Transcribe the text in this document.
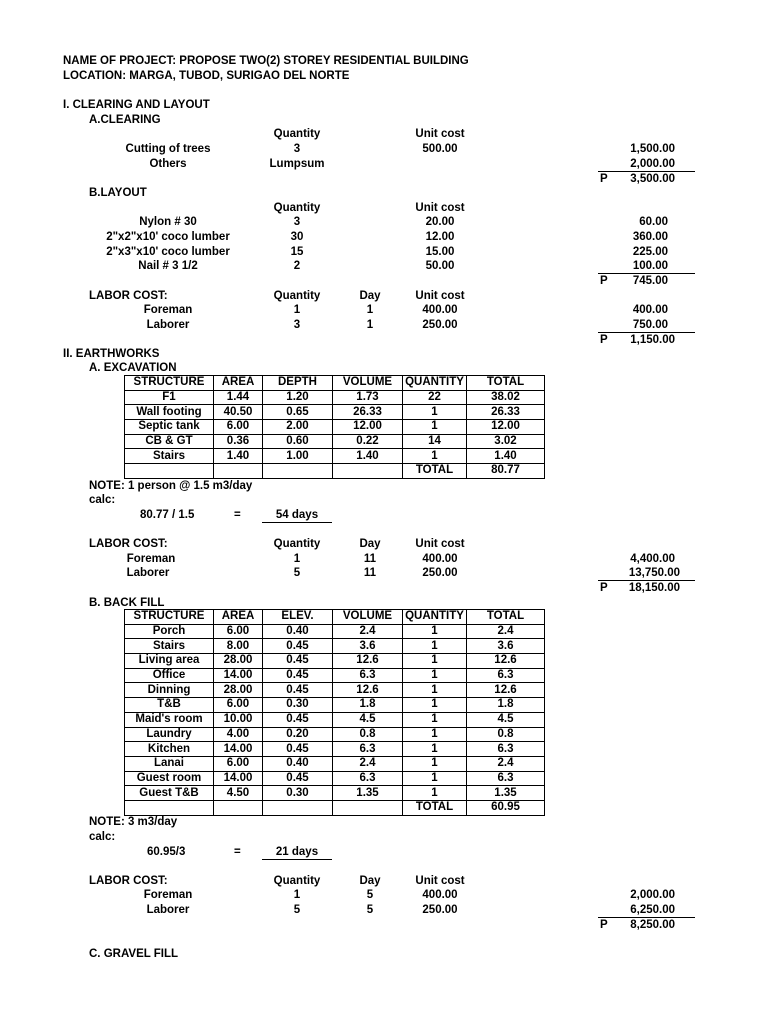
NAME OF PROJECT: PROPOSE TWO(2) STOREY RESIDENTIAL BUILDING
LOCATION: MARGA, TUBOD, SURIGAO DEL NORTE
I. CLEARING AND LAYOUT
A.CLEARING
Quantity	Unit cost
Cutting of trees	3	500.00	1,500.00
Others	Lumpsum	2,000.00
P 3,500.00
B.LAYOUT
Quantity	Unit cost
Nylon # 30	3	20.00	60.00
2"x2"x10' coco lumber	30	12.00	360.00
2"x3"x10' coco lumber	15	15.00	225.00
Nail # 3 1/2	2	50.00	100.00
P 745.00
LABOR COST:	Quantity	Day	Unit cost
Foreman	1	1	400.00	400.00
Laborer	3	1	250.00	750.00
P 1,150.00
II. EARTHWORKS
A. EXCAVATION
STRUCTURE	AREA	DEPTH	VOLUME	QUANTITY	TOTAL
F1	1.44	1.20	1.73	22	38.02
Wall footing	40.50	0.65	26.33	1	26.33
Septic tank	6.00	2.00	12.00	1	12.00
CB & GT	0.36	0.60	0.22	14	3.02
Stairs	1.40	1.00	1.40	1	1.40
				TOTAL	80.77
NOTE: 1 person @ 1.5 m3/day
calc:
80.77 / 1.5	=	54 days
LABOR COST:	Quantity	Day	Unit cost
Foreman	1	11	400.00	4,400.00
Laborer	5	11	250.00	13,750.00
P 18,150.00
B. BACK FILL
STRUCTURE	AREA	ELEV.	VOLUME	QUANTITY	TOTAL
Porch	6.00	0.40	2.4	1	2.4
Stairs	8.00	0.45	3.6	1	3.6
Living area	28.00	0.45	12.6	1	12.6
Office	14.00	0.45	6.3	1	6.3
Dinning	28.00	0.45	12.6	1	12.6
T&B	6.00	0.30	1.8	1	1.8
Maid's room	10.00	0.45	4.5	1	4.5
Laundry	4.00	0.20	0.8	1	0.8
Kitchen	14.00	0.45	6.3	1	6.3
Lanai	6.00	0.40	2.4	1	2.4
Guest room	14.00	0.45	6.3	1	6.3
Guest T&B	4.50	0.30	1.35	1	1.35
				TOTAL	60.95
NOTE: 3 m3/day
calc:
60.95/3	=	21 days
LABOR COST:	Quantity	Day	Unit cost
Foreman	1	5	400.00	2,000.00
Laborer	5	5	250.00	6,250.00
P 8,250.00
C. GRAVEL FILL
